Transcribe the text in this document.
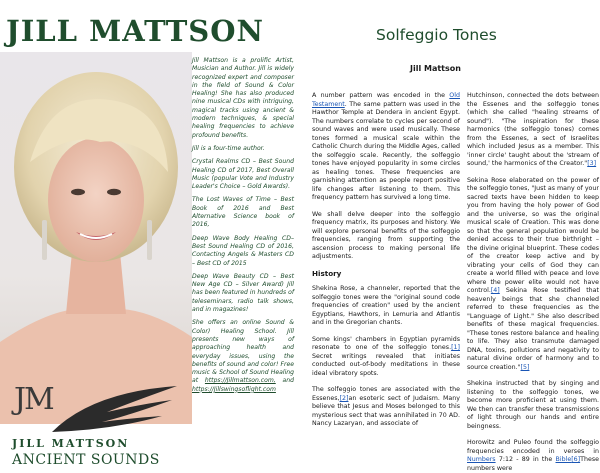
JILL MATTSON
JM
JILL MATTSON
ANCIENT SOUNDS

Jill Mattson is a prolific Artist, Musician and Author. Jill is widely recognized expert and composer in the field of Sound & Color Healing! She has also produced nine musical CDs with intriguing, magical tracks using ancient & modern techniques, & special healing frequencies to achieve profound benefits.

Jill is a four-time author.

Crystal Realms CD – Best Sound Healing CD of 2017, Best Overall Music (popular Vote and Industry Leader's Choice – Gold Awards).

The Lost Waves of Time – Best Book of 2016 and Best Alternative Science book of 2016,

Deep Wave Body Healing CD– Best Sound Healing CD of 2016, Contacting Angels & Masters CD – Best CD of 2015

Deep Wave Beauty CD – Best New Age CD – Silver Award) Jill has been featured in hundreds of teleseminars, radio talk shows, and in magazines!

She offers an online Sound & Color) Healing School. Jill presents new ways of approaching health and everyday issues, using the benefits of sound and color! Free music & School of Sound Healing at https://Jillmattson.com, and https://Jillswingsoflight.com

Solfeggio Tones
Jill Mattson

A number pattern was encoded in the Old Testament. The same pattern was used in the Hawthor Temple at Dendera in ancient Egypt. The numbers correlate to cycles per second of sound waves and were used musically. These tones formed a musical scale within the Catholic Church during the Middle Ages, called the solfeggio scale. Recently, the solfeggio tones have enjoyed popularity in some circles as healing tones. These frequencies are garnishing attention as people report positive life changes after listening to them. This frequency pattern has survived a long time.

We shall delve deeper into the solfeggio frequency matrix, its purposes and history. We will explore personal benefits of the solfeggio frequencies, ranging from supporting the ascension process to making personal life adjustments.

History

Shekina Rose, a channeler, reported that the solfeggio tones were the "original sound code frequencies of creation" used by the ancient Egyptians, Hawthors, in Lemuria and Atlantis and in the Gregorian chants.

Some kings' chambers in Egyptian pyramids resonate to one of the solfeggio tones.[1] Secret writings revealed that initiates conducted out-of-body meditations in these ideal vibratory spots.

The solfeggio tones are associated with the Essenes,[2]an esoteric sect of Judaism. Many believe that Jesus and Moses belonged to this mysterious sect that was annihilated in 70 AD. Nancy Lazaryan, and associate of

Hutchinson, connected the dots between the Essenes and the solfeggio tones (which she called "healing streams of sound"). "The inspiration for these harmonics (the solfeggio tones) comes from the Essenes, a sect of Israelites which included Jesus as a member. This 'inner circle' taught about the 'stream of sound,' the harmonics of the Creator."[3]

Sekina Rose elaborated on the power of the solfeggio tones, "Just as many of your sacred texts have been hidden to keep you from having the holy power of God and the universe, so was the original musical scale of Creation. This was done so that the general population would be denied access to their true birthright – the divine original blueprint. These codes of the creator keep active and by vibrating your cells of God they can create a world filled with peace and love where the power elite would not have control.[4] Sekina Rose testified that heavenly beings that she channeled referred to these frequencies as the "Language of Light." She also described benefits of these magical frequencies. "These tones restore balance and healing to life. They also transmute damaged DNA, toxins, pollutions and negativity to natural divine order of harmony and to source creation."[5]

Shekina instructed that by singing and listening to the solfeggio tones, we become more proficient at using them. We then can transfer these transmissions of light through our hands and entire beingness.

Horowitz and Puleo found the solfeggio frequencies encoded in verses in Numbers 7:12 - 89 in the Bible[6]These numbers were
